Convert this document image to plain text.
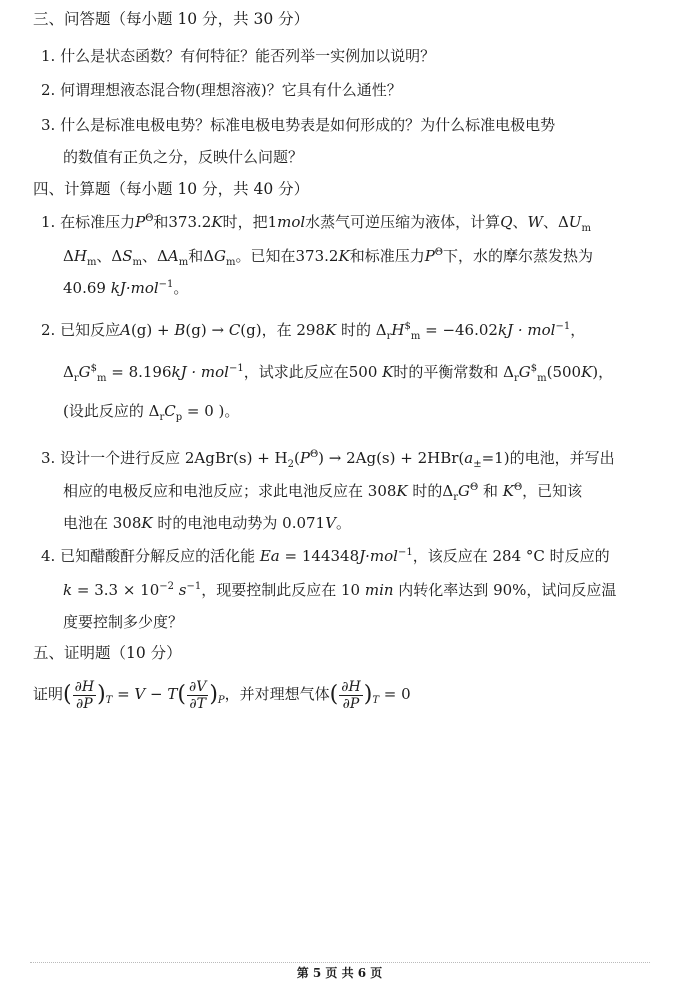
三、问答题（每小题 10 分，共 30 分）
1. 什么是状态函数？有何特征？能否列举一实例加以说明？
2. 何谓理想液态混合物(理想溶液)？它具有什么通性？
3. 什么是标准电极电势？标准电极电势表是如何形成的？为什么标准电极电势
的数值有正负之分，反映什么问题？
四、计算题（每小题 10 分，共 40 分）
1. 在标准压力$P^\Theta$和373.2K时，把1mol水蒸气可逆压缩为液体，计算Q、W、$\Delta U_m$
$\Delta H_m$、$\Delta S_m$、$\Delta A_m$和$\Delta G_m$。已知在373.2K和标准压力$P^\Theta$下，水的摩尔蒸发热为
40.69 kJ·mol$^{-1}$。
2. 已知反应A(g) + B(g) → C(g)，在 298K 时的 $\Delta_rH^{\$}_m = -46.02kJ \cdot mol^{-1}$，
$\Delta_rG^{\$}_m = 8.196kJ \cdot mol^{-1}$，试求此反应在500 K时的平衡常数和 $\Delta_rG^{\$}_m(500K)$，
(设此反应的 $\Delta_rC_p = 0$ )。
3. 设计一个进行反应 2AgBr(s) + $H_2(P^\Theta) \to 2Ag(s) + 2HBr(a_\pm=1)$的电池，并写出
相应的电极反应和电池反应；求此电池反应在 308K 时的$\Delta_rG^\Theta$ 和 $K^\Theta$，已知该
电池在 308K 时的电池电动势为 0.071V。
4. 已知醋酸酐分解反应的活化能 Ea = 144348J·mol$^{-1}$，该反应在 284 °C 时反应的
$k = 3.3 \times 10^{-2}$ $s^{-1}$，现要控制此反应在 10 min 内转化率达到 90%，试问反应温
度要控制多少度？
五、证明题（10 分）
证明( $\frac{\partial H}{\partial P} )_T = V - T( \frac{\partial V}{\partial T} )_P$，并对理想气体( $\frac{\partial H}{\partial P} )_T = 0$
第 5 页 共 6 页
